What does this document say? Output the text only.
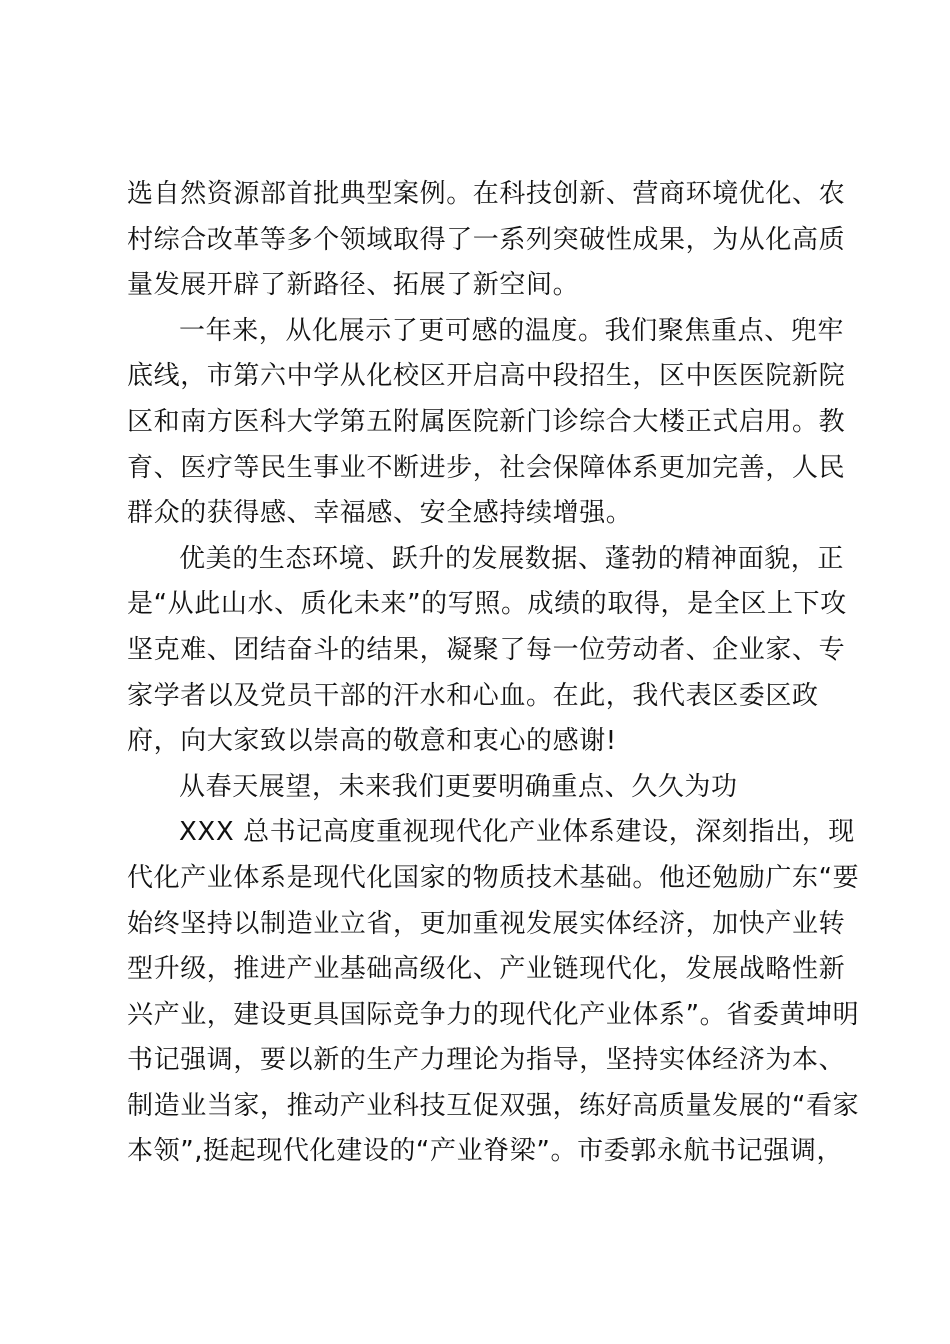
选自然资源部首批典型案例。在科技创新、营商环境优化、农
村综合改革等多个领域取得了一系列突破性成果，为从化高质
量发展开辟了新路径、拓展了新空间。
一年来，从化展示了更可感的温度。我们聚焦重点、兜牢
底线，市第六中学从化校区开启高中段招生，区中医医院新院
区和南方医科大学第五附属医院新门诊综合大楼正式启用。教
育、医疗等民生事业不断进步，社会保障体系更加完善，人民
群众的获得感、幸福感、安全感持续增强。
优美的生态环境、跃升的发展数据、蓬勃的精神面貌，正
是“从此山水、质化未来”的写照。成绩的取得，是全区上下攻
坚克难、团结奋斗的结果，凝聚了每一位劳动者、企业家、专
家学者以及党员干部的汗水和心血。在此，我代表区委区政
府，向大家致以崇高的敬意和衷心的感谢!
从春天展望，未来我们更要明确重点、久久为功
XXX 总书记高度重视现代化产业体系建设，深刻指出，现
代化产业体系是现代化国家的物质技术基础。他还勉励广东“要
始终坚持以制造业立省，更加重视发展实体经济，加快产业转
型升级，推进产业基础高级化、产业链现代化，发展战略性新
兴产业，建设更具国际竞争力的现代化产业体系”。省委黄坤明
书记强调，要以新的生产力理论为指导，坚持实体经济为本、
制造业当家，推动产业科技互促双强，练好高质量发展的“看家
本领”,挺起现代化建设的“产业脊梁”。市委郭永航书记强调，
